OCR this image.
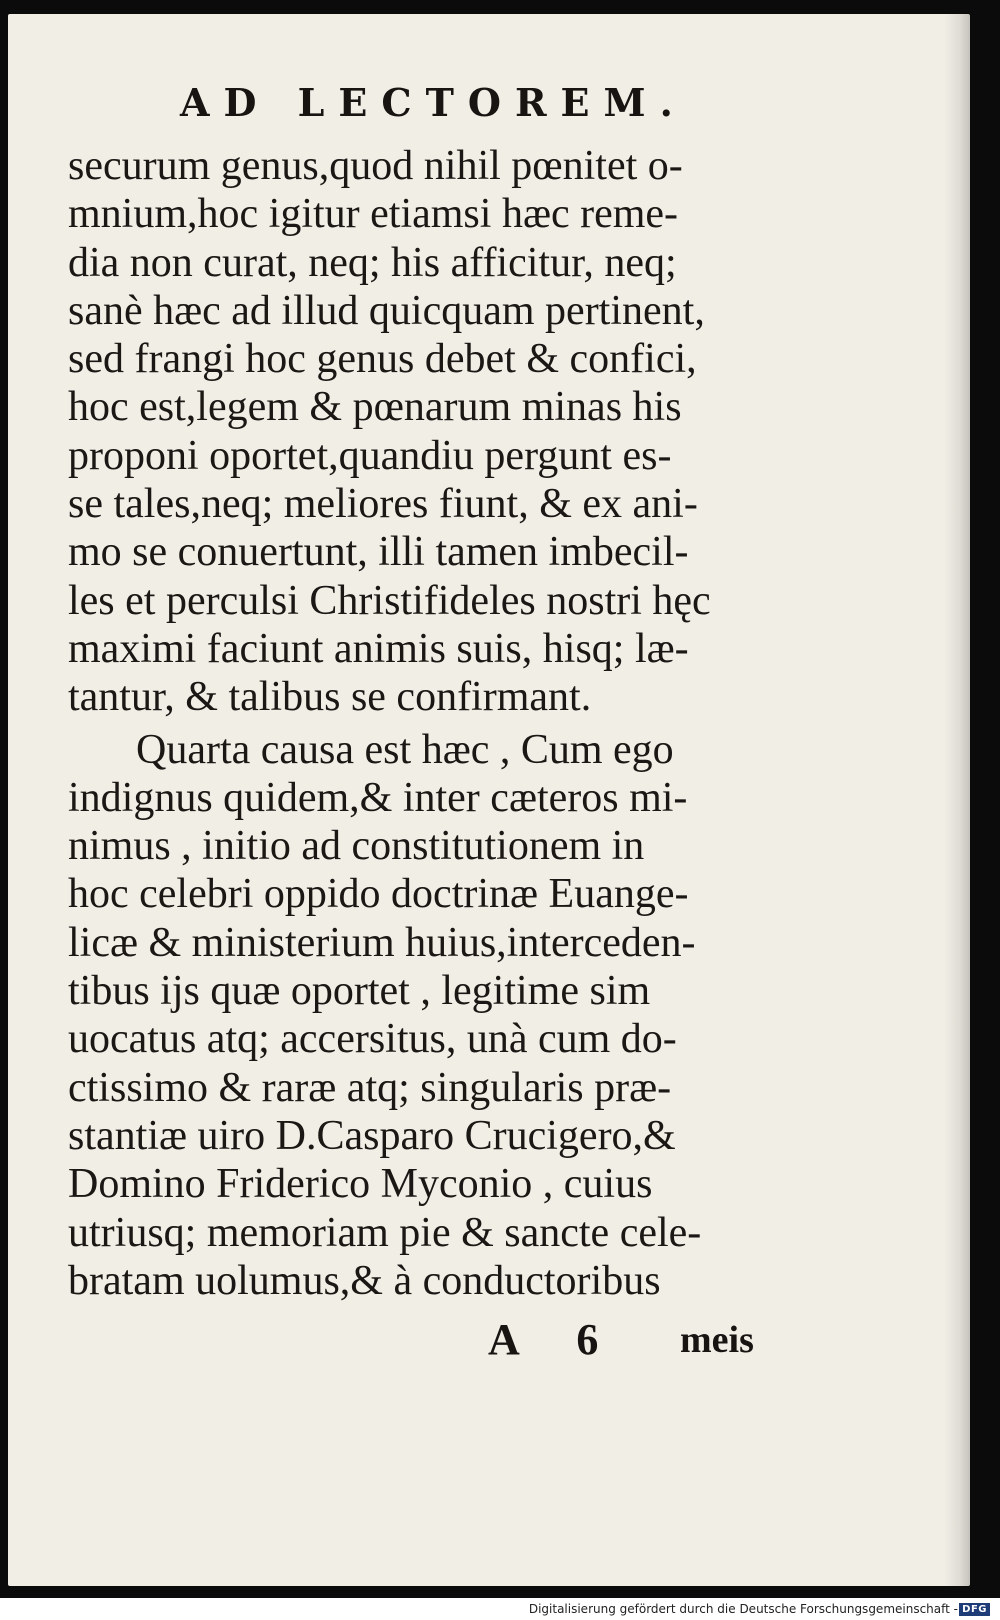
AD LECTOREM.
securum genus,quod nihil pœnitet o-
mnium,hoc igitur etiamsi hæc reme-
dia non curat, neq; his afficitur, neq;
sanè hæc ad illud quicquam pertinent,
sed frangi hoc genus debet & confici,
hoc est,legem & pœnarum minas his
proponi oportet,quandiu pergunt es-
se tales,neq; meliores fiunt, & ex ani-
mo se conuertunt, illi tamen imbecil-
les et perculsi Christifideles nostri hęc
maximi faciunt animis suis, hisq; læ-
tantur, & talibus se confirmant.
Quarta causa est hæc , Cum ego
indignus quidem,& inter cæteros mi-
nimus , initio ad constitutionem in
hoc celebri oppido doctrinæ Euange-
licæ & ministerium huius,interceden-
tibus ijs quæ oportet , legitime sim
uocatus atq; accersitus, unà cum do-
ctissimo & raræ atq; singularis præ-
stantiæ uiro D.Casparo Crucigero,&
Domino Friderico Myconio , cuius
utriusq; memoriam pie & sancte cele-
bratam uolumus,& à conductoribus
A 6 meis
Digitalisierung gefördert durch die Deutsche Forschungsgemeinschaft - DFG
